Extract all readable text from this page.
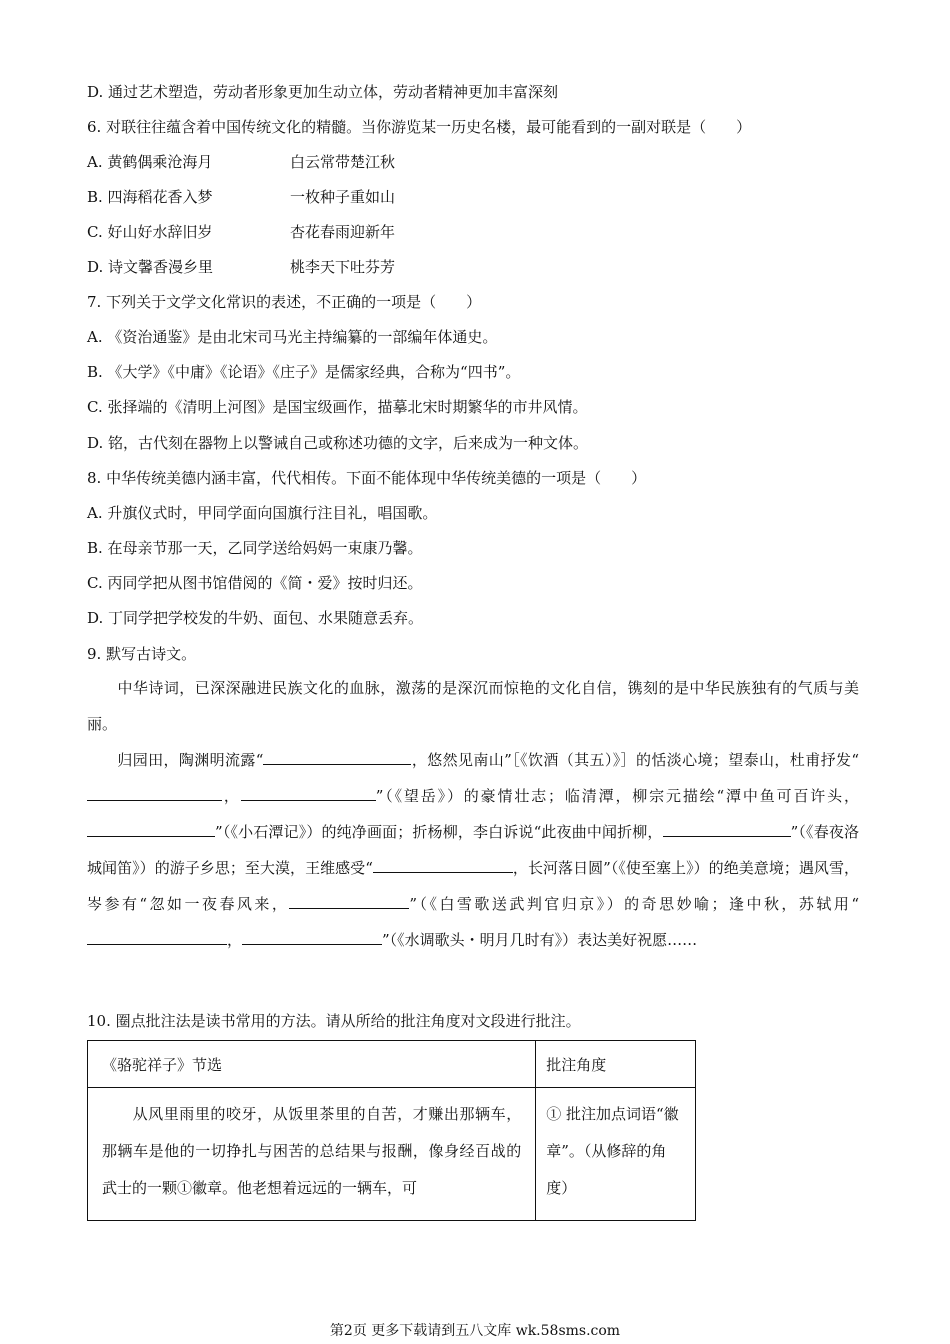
D. 通过艺术塑造，劳动者形象更加生动立体，劳动者精神更加丰富深刻
6. 对联往往蕴含着中国传统文化的精髓。当你游览某一历史名楼，最可能看到的一副对联是（　　）
A. 黄鹤偶乘沧海月	白云常带楚江秋
B. 四海稻花香入梦	一枚种子重如山
C. 好山好水辞旧岁	杏花春雨迎新年
D. 诗文馨香漫乡里	桃李天下吐芬芳
7. 下列关于文学文化常识的表述，不正确的一项是（　　）
A. 《资治通鉴》是由北宋司马光主持编纂的一部编年体通史。
B. 《大学》《中庸》《论语》《庄子》是儒家经典，合称为“四书”。
C. 张择端的《清明上河图》是国宝级画作，描摹北宋时期繁华的市井风情。
D. 铭，古代刻在器物上以警诫自己或称述功德的文字，后来成为一种文体。
8. 中华传统美德内涵丰富，代代相传。下面不能体现中华传统美德的一项是（　　）
A. 升旗仪式时，甲同学面向国旗行注目礼，唱国歌。
B. 在母亲节那一天，乙同学送给妈妈一束康乃馨。
C. 丙同学把从图书馆借阅的《简・爱》按时归还。
D. 丁同学把学校发的牛奶、面包、水果随意丢弃。
9. 默写古诗文。
中华诗词，已深深融进民族文化的血脉，激荡的是深沉而惊艳的文化自信，镌刻的是中华民族独有的气质与美丽。
归园田，陶渊明流露“	，悠然见南山”［《饮酒（其五）》］的恬淡心境；望泰山，杜甫抒发“，	”（《望岳》）的豪情壮志；临清潭，柳宗元描绘“潭中鱼可百许头，”（《小石潭记》）的纯净画面；折杨柳，李白诉说“此夜曲中闻折柳，	”（《春夜洛城闻笛》）的游子乡思；至大漠，王维感受“	，长河落日圆”（《使至塞上》）的绝美意境；遇风雪，岑参有“忽如一夜春风来，	”（《白雪歌送武判官归京》）的奇思妙喻；逢中秋，苏轼用“，	”（《水调歌头・明月几时有》）表达美好祝愿……
10. 圈点批注法是读书常用的方法。请从所给的批注角度对文段进行批注。
《骆驼祥子》节选	批注角度

从风里雨里的咬牙，从饭里茶里的自苦，才赚出那辆车，那辆车是他的一切挣扎与困苦的总结果与报酬，像身经百战的武士的一颗①徽章。他老想着远远的一辆车，可	① 批注加点词语“徽章”。（从修辞的角度）
第2页 更多下载请到五八文库 wk.58sms.com
